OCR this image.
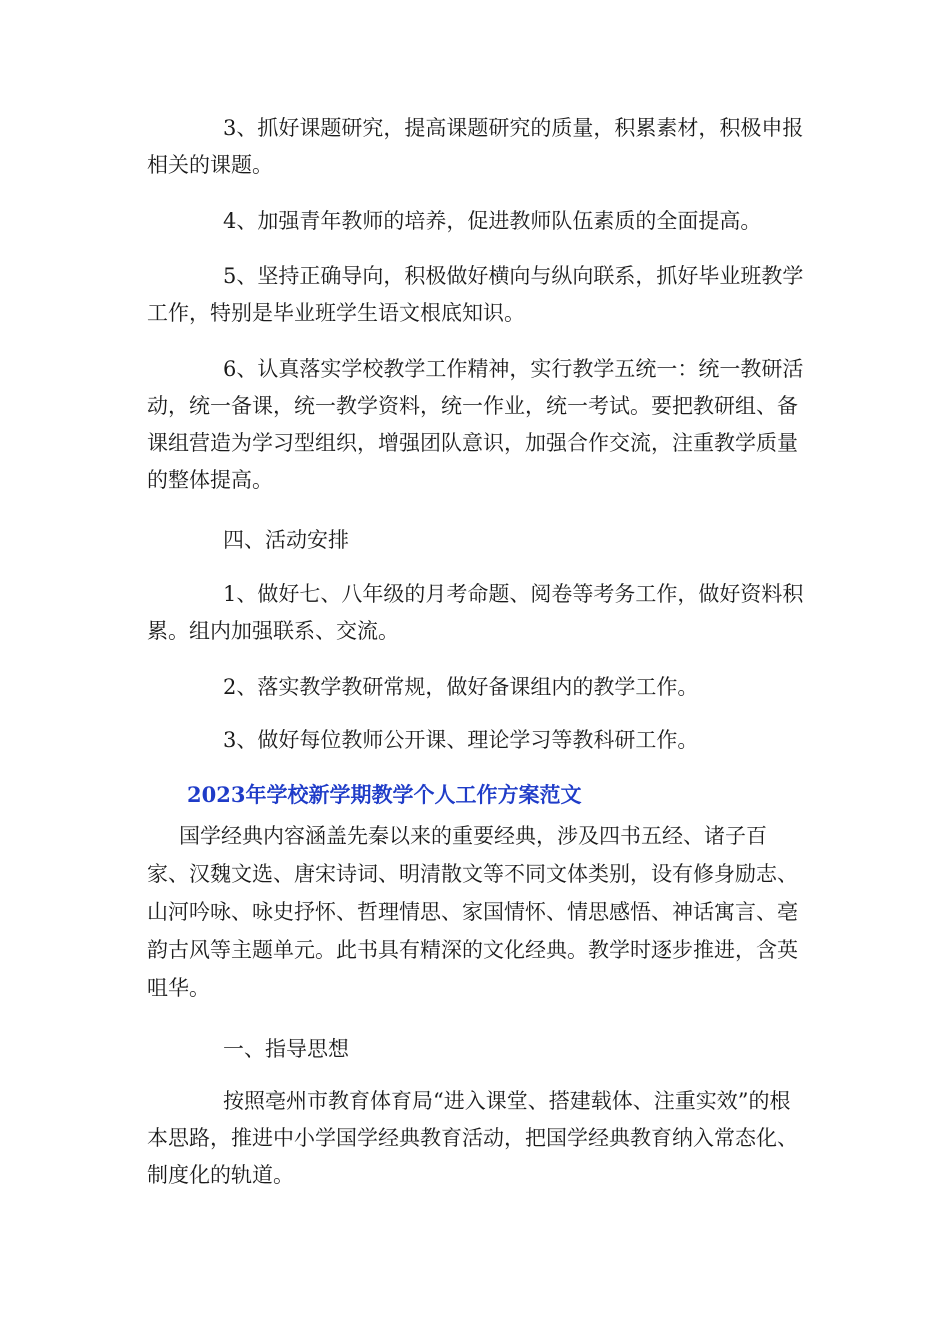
3、抓好课题研究，提高课题研究的质量，积累素材，积极申报相关的课题。

4、加强青年教师的培养，促进教师队伍素质的全面提高。

5、坚持正确导向，积极做好横向与纵向联系，抓好毕业班教学工作，特别是毕业班学生语文根底知识。

6、认真落实学校教学工作精神，实行教学五统一：统一教研活动，统一备课，统一教学资料，统一作业，统一考试。要把教研组、备课组营造为学习型组织，增强团队意识，加强合作交流，注重教学质量的整体提高。

四、活动安排

1、做好七、八年级的月考命题、阅卷等考务工作，做好资料积累。组内加强联系、交流。

2、落实教学教研常规，做好备课组内的教学工作。

3、做好每位教师公开课、理论学习等教科研工作。

2023年学校新学期教学个人工作方案范文

国学经典内容涵盖先秦以来的重要经典，涉及四书五经、诸子百家、汉魏文选、唐宋诗词、明清散文等不同文体类别，设有修身励志、山河吟咏、咏史抒怀、哲理情思、家国情怀、情思感悟、神话寓言、亳韵古风等主题单元。此书具有精深的文化经典。教学时逐步推进，含英咀华。

一、指导思想

按照亳州市教育体育局“进入课堂、搭建载体、注重实效”的根本思路，推进中小学国学经典教育活动，把国学经典教育纳入常态化、制度化的轨道。
